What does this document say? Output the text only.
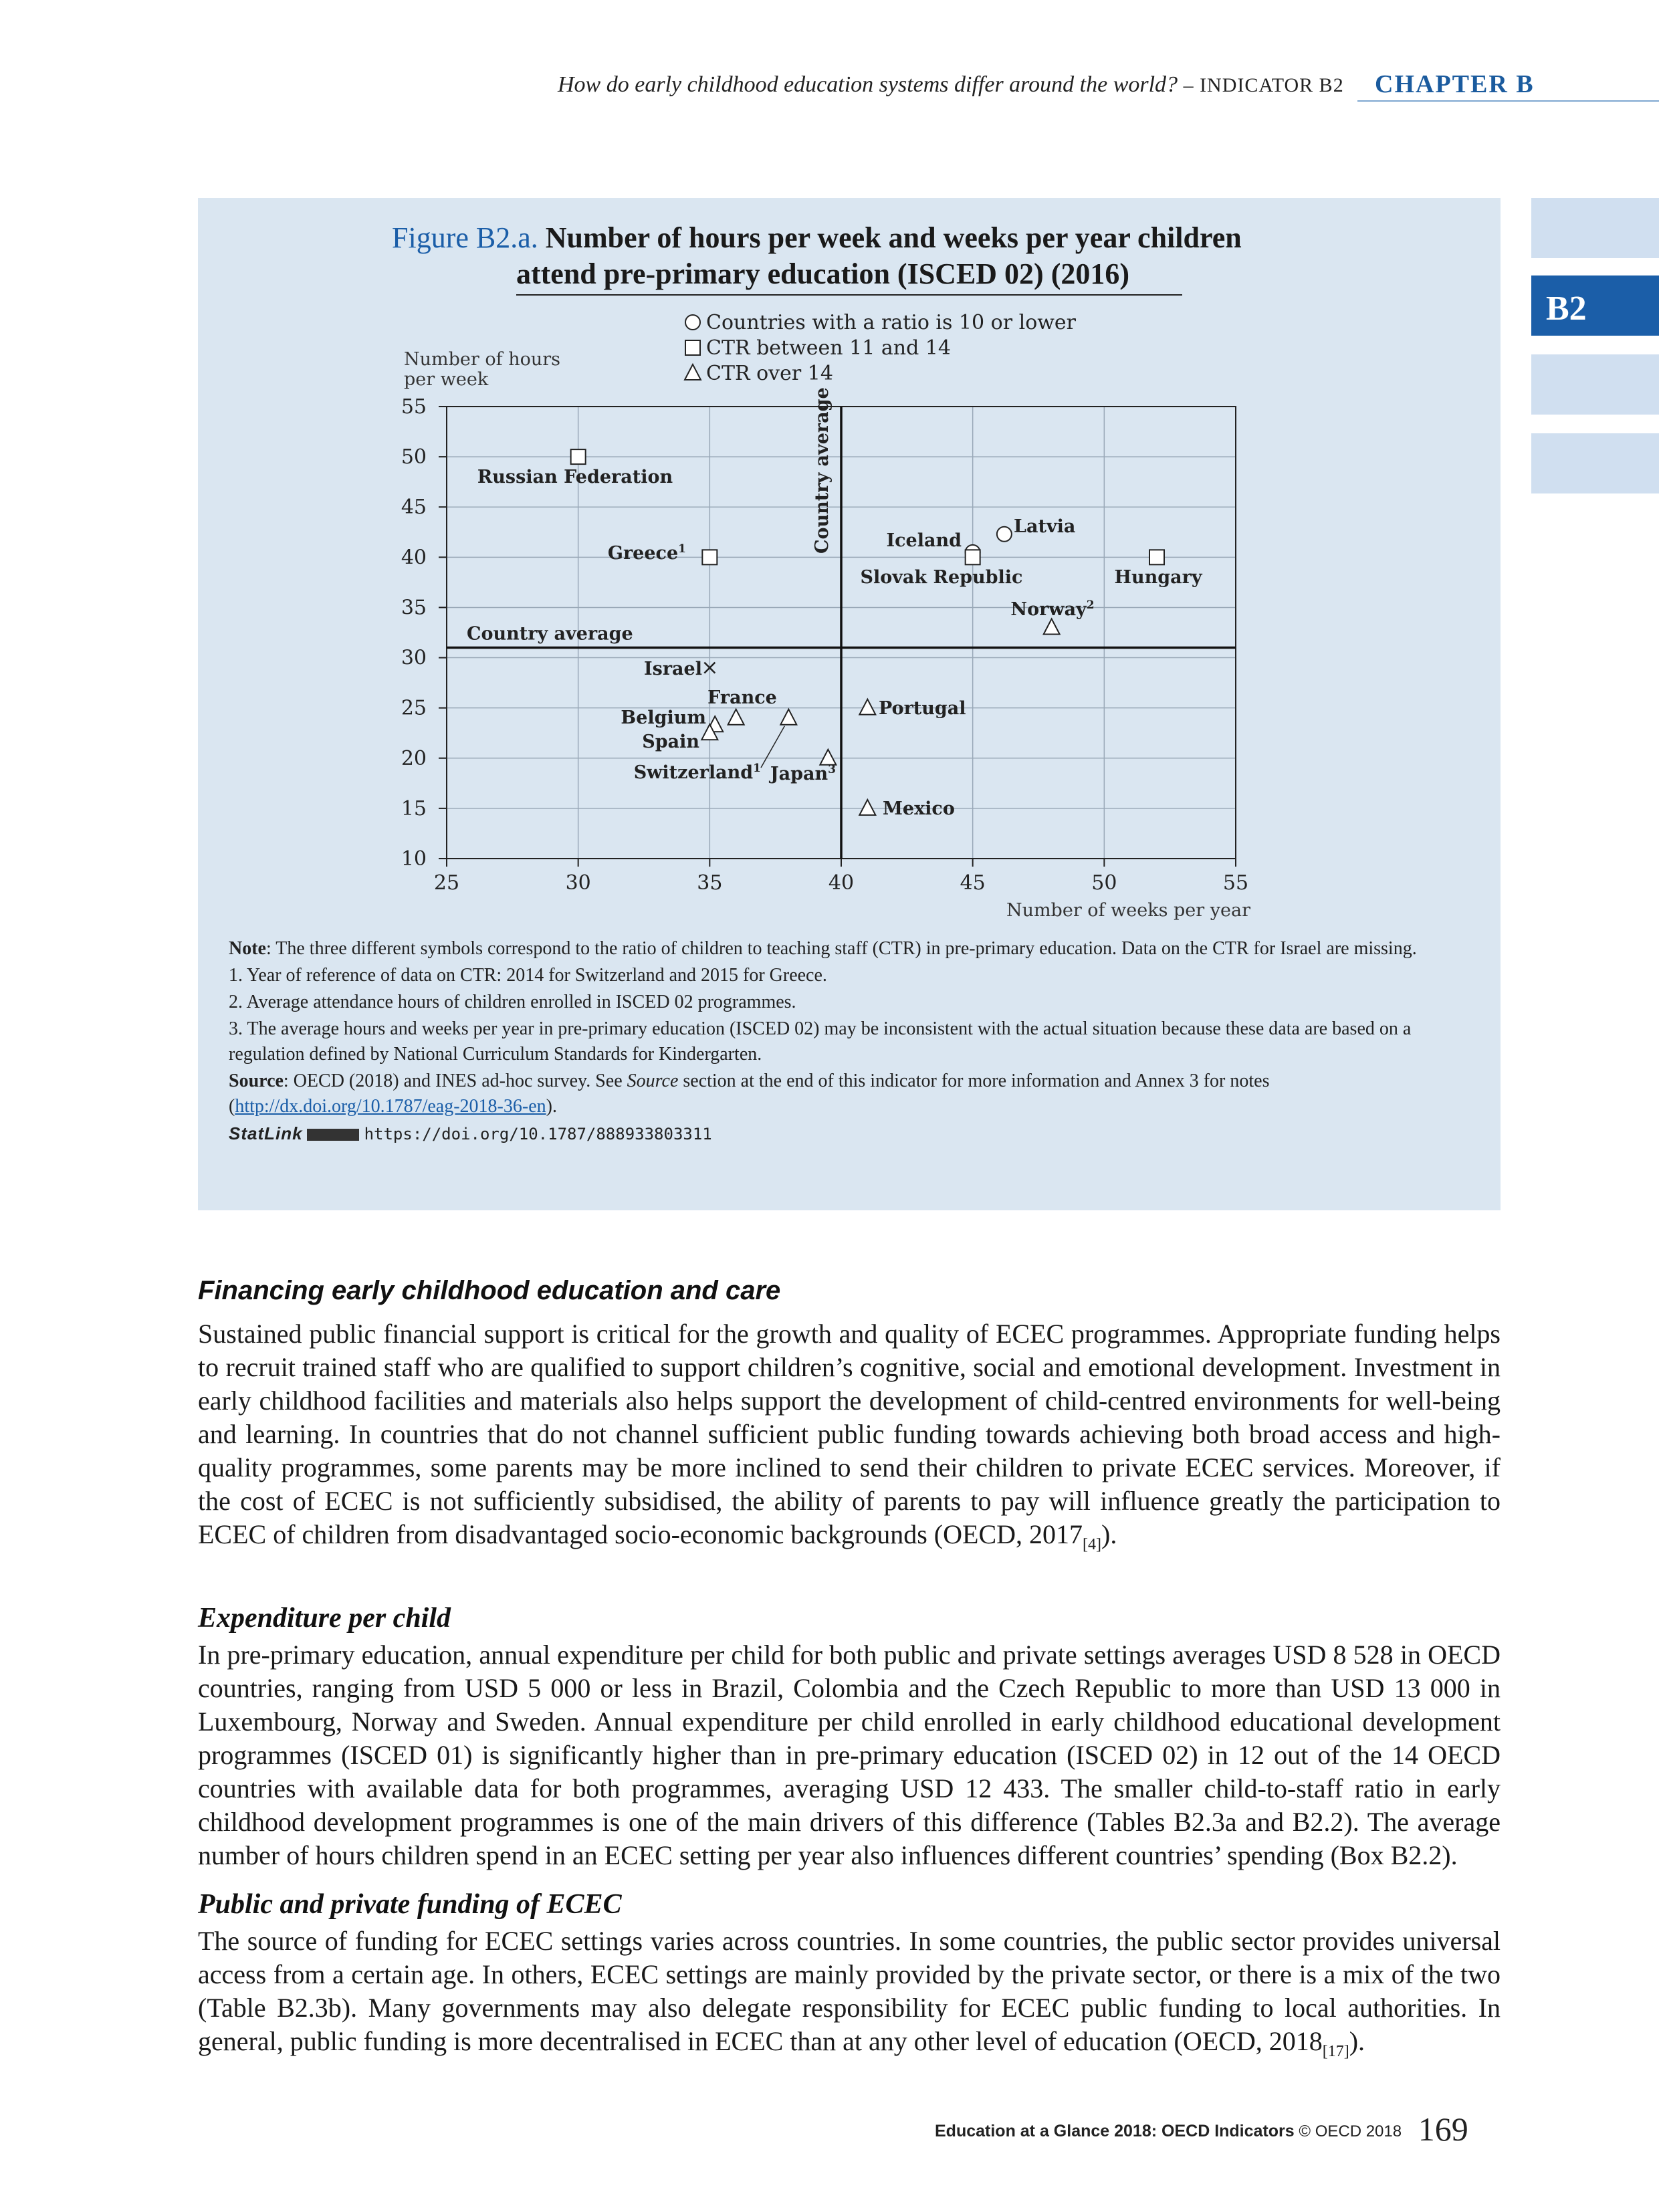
How do early childhood education systems differ around the world? – INDICATOR B2 CHAPTER B
B2
Figure B2.a. Number of hours per week and weeks per year children
attend pre-primary education (ISCED 02) (2016)
25	30	35	40	45	50	55
10
15
20
25
30
35
40
45
50
55
Number of hours
per week
Number of weeks per year
Country average
Country average
Countries with a ratio is 10 or lower
CTR between 11 and 14
CTR over 14
Russian Federation
Greece$^1$	Iceland
Slovak Republic
Latvia
Hungary
Norway$^2$
Israel
France
Belgium
Spain
Switzerland$^1$ Japan$^3$
Portugal
Mexico

Note: The three different symbols correspond to the ratio of children to teaching staff (CTR) in pre-primary education. Data on the CTR for Israel are missing.

1. Year of reference of data on CTR: 2014 for Switzerland and 2015 for Greece.

2. Average attendance hours of children enrolled in ISCED 02 programmes.

3. The average hours and weeks per year in pre-primary education (ISCED 02) may be inconsistent with the actual situation because these data are based on a regulation defined by National Curriculum Standards for Kindergarten.

Source: OECD (2018) and INES ad-hoc survey. See Source section at the end of this indicator for more information and Annex 3 for notes (http://dx.doi.org/10.1787/eag-2018-36-en).

StatLink	https://doi.org/10.1787/888933803311

Financing early childhood education and care

Sustained public financial support is critical for the growth and quality of ECEC programmes. Appropriate funding helps to recruit trained staff who are qualified to support children’s cognitive, social and emotional development. Investment in early childhood facilities and materials also helps support the development of child-centred environments for well-being and learning. In countries that do not channel sufficient public funding towards achieving both broad access and high-quality programmes, some parents may be more inclined to send their children to private ECEC services. Moreover, if the cost of ECEC is not sufficiently subsidised, the ability of parents to pay will influence greatly the participation to ECEC of children from disadvantaged socio-economic backgrounds (OECD, $2017_{[4]}$).

Expenditure per child

In pre-primary education, annual expenditure per child for both public and private settings averages USD 8 528 in OECD countries, ranging from USD 5 000 or less in Brazil, Colombia and the Czech Republic to more than USD 13 000 in Luxembourg, Norway and Sweden. Annual expenditure per child enrolled in early childhood educational development programmes (ISCED 01) is significantly higher than in pre-primary education (ISCED 02) in 12 out of the 14 OECD countries with available data for both programmes, averaging USD 12 433. The smaller child-to-staff ratio in early childhood development programmes is one of the main drivers of this difference (Tables B2.3a and B2.2). The average number of hours children spend in an ECEC setting per year also influences different countries’ spending (Box B2.2).

Public and private funding of ECEC

The source of funding for ECEC settings varies across countries. In some countries, the public sector provides universal access from a certain age. In others, ECEC settings are mainly provided by the private sector, or there is a mix of the two (Table B2.3b). Many governments may also delegate responsibility for ECEC public funding to local authorities. In general, public funding is more decentralised in ECEC than at any other level of education (OECD, $2018_{[17]}$).

Education at a Glance 2018: OECD Indicators © OECD 2018 169
